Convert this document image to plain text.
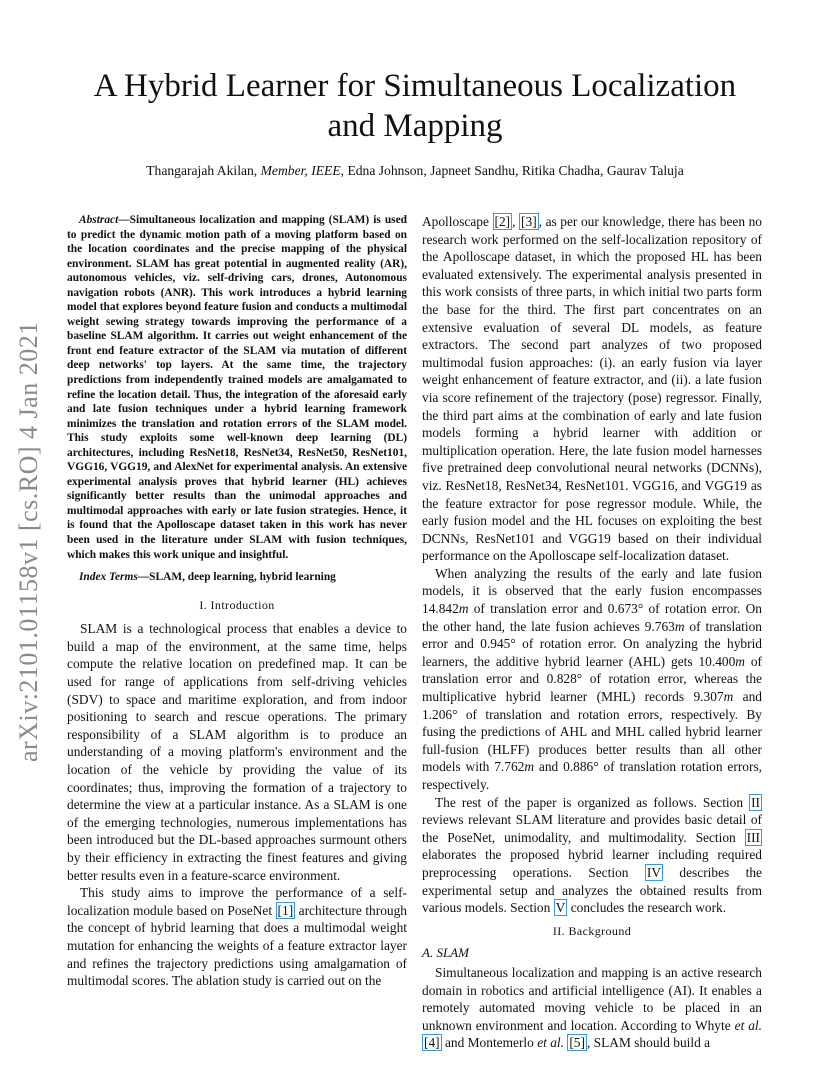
arXiv:2101.01158v1 [cs.RO] 4 Jan 2021
A Hybrid Learner for Simultaneous Localization
and Mapping

Thangarajah Akilan, Member, IEEE, Edna Johnson, Japneet Sandhu, Ritika Chadha, Gaurav Taluja

Abstract—Simultaneous localization and mapping (SLAM) is used to predict the dynamic motion path of a moving platform based on the location coordinates and the precise mapping of the physical environment. SLAM has great potential in augmented reality (AR), autonomous vehicles, viz. self-driving cars, drones, Autonomous navigation robots (ANR). This work introduces a hybrid learning model that explores beyond feature fusion and conducts a multimodal weight sewing strategy towards improving the performance of a baseline SLAM algorithm. It carries out weight enhancement of the front end feature extractor of the SLAM via mutation of different deep networks' top layers. At the same time, the trajectory predictions from independently trained models are amalgamated to refine the location detail. Thus, the integration of the aforesaid early and late fusion techniques under a hybrid learning framework minimizes the translation and rotation errors of the SLAM model. This study exploits some well-known deep learning (DL) architectures, including ResNet18, ResNet34, ResNet50, ResNet101, VGG16, VGG19, and AlexNet for experimental analysis. An extensive experimental analysis proves that hybrid learner (HL) achieves significantly better results than the unimodal approaches and multimodal approaches with early or late fusion strategies. Hence, it is found that the Apolloscape dataset taken in this work has never been used in the literature under SLAM with fusion techniques, which makes this work unique and insightful.

Index Terms—SLAM, deep learning, hybrid learning

I. Introduction

SLAM is a technological process that enables a device to build a map of the environment, at the same time, helps compute the relative location on predefined map. It can be used for range of applications from self-driving vehicles (SDV) to space and maritime exploration, and from indoor positioning to search and rescue operations. The primary responsibility of a SLAM algorithm is to produce an understanding of a moving platform's environment and the location of the vehicle by providing the value of its coordinates; thus, improving the formation of a trajectory to determine the view at a particular instance. As a SLAM is one of the emerging technologies, numerous implementations has been introduced but the DL-based approaches surmount others by their efficiency in extracting the finest features and giving better results even in a feature-scarce environment.

This study aims to improve the performance of a self-localization module based on PoseNet [1] architecture through the concept of hybrid learning that does a multimodal weight mutation for enhancing the weights of a feature extractor layer and refines the trajectory predictions using amalgamation of multimodal scores. The ablation study is carried out on the

Apolloscape [2] , [3] , as per our knowledge, there has been no research work performed on the self-localization repository of the Apolloscape dataset, in which the proposed HL has been evaluated extensively. The experimental analysis presented in this work consists of three parts, in which initial two parts form the base for the third. The first part concentrates on an extensive evaluation of several DL models, as feature extractors. The second part analyzes of two proposed multimodal fusion approaches: (i). an early fusion via layer weight enhancement of feature extractor, and (ii). a late fusion via score refinement of the trajectory (pose) regressor. Finally, the third part aims at the combination of early and late fusion models forming a hybrid learner with addition or multiplication operation. Here, the late fusion model harnesses five pretrained deep convolutional neural networks (DCNNs), viz. ResNet18, ResNet34, ResNet101. VGG16, and VGG19 as the feature extractor for pose regressor module. While, the early fusion model and the HL focuses on exploiting the best DCNNs, ResNet101 and VGG19 based on their individual performance on the Apolloscape self-localization dataset.

When analyzing the results of the early and late fusion models, it is observed that the early fusion encompasses 14.842m of translation error and 0.673° of rotation error. On the other hand, the late fusion achieves 9.763m of translation error and 0.945° of rotation error. On analyzing the hybrid learners, the additive hybrid learner (AHL) gets 10.400m of translation error and 0.828° of rotation error, whereas the multiplicative hybrid learner (MHL) records 9.307m and 1.206° of translation and rotation errors, respectively. By fusing the predictions of AHL and MHL called hybrid learner full-fusion (HLFF) produces better results than all other models with 7.762m and 0.886° of translation rotation errors, respectively.

The rest of the paper is organized as follows. Section II reviews relevant SLAM literature and provides basic detail of the PoseNet, unimodality, and multimodality. Section III elaborates the proposed hybrid learner including required preprocessing operations. Section IV describes the experimental setup and analyzes the obtained results from various models. Section V concludes the research work.

II. Background
A. SLAM

Simultaneous localization and mapping is an active research domain in robotics and artificial intelligence (AI). It enables a remotely automated moving vehicle to be placed in an unknown environment and location. According to Whyte et al. [4] and Montemerlo et al. [5] , SLAM should build a
